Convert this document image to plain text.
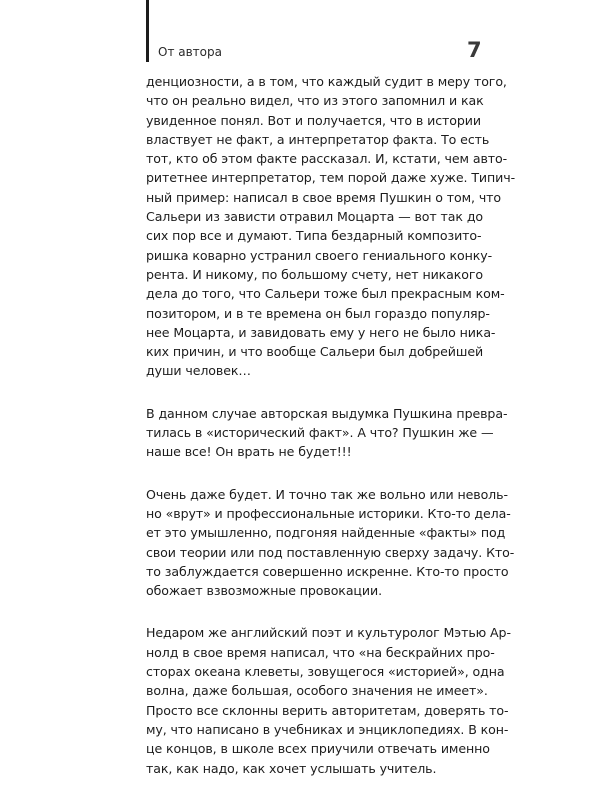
От автора	7

денциозности, а в том, что каждый судит в меру того,
что он реально видел, что из этого запомнил и как
увиденное понял. Вот и получается, что в истории
властвует не факт, а интерпретатор факта. То есть
тот, кто об этом факте рассказал. И, кстати, чем авто-
ритетнее интерпретатор, тем порой даже хуже. Типич-
ный пример: написал в свое время Пушкин о том, что
Сальери из зависти отравил Моцарта — вот так до
сих пор все и думают. Типа бездарный композито-
ришка коварно устранил своего гениального конку-
рента. И никому, по большому счету, нет никакого
дела до того, что Сальери тоже был прекрасным ком-
позитором, и в те времена он был гораздо популяр-
нее Моцарта, и завидовать ему у него не было ника-
ких причин, и что вообще Сальери был добрейшей
души человек…

В данном случае авторская выдумка Пушкина превра-
тилась в «исторический факт». А что? Пушкин же —
наше все! Он врать не будет!!!

Очень даже будет. И точно так же вольно или неволь-
но «врут» и профессиональные историки. Кто-то дела-
ет это умышленно, подгоняя найденные «факты» под
свои теории или под поставленную сверху задачу. Кто-
то заблуждается совершенно искренне. Кто-то просто
обожает взвозможные провокации.

Недаром же английский поэт и культуролог Мэтью Ар-
нолд в свое время написал, что «на бескрайних про-
сторах океана клеветы, зовущегося «историей», одна
волна, даже большая, особого значения не имеет».
Просто все склонны верить авторитетам, доверять то-
му, что написано в учебниках и энциклопедиях. В кон-
це концов, в школе всех приучили отвечать именно
так, как надо, как хочет услышать учитель.
